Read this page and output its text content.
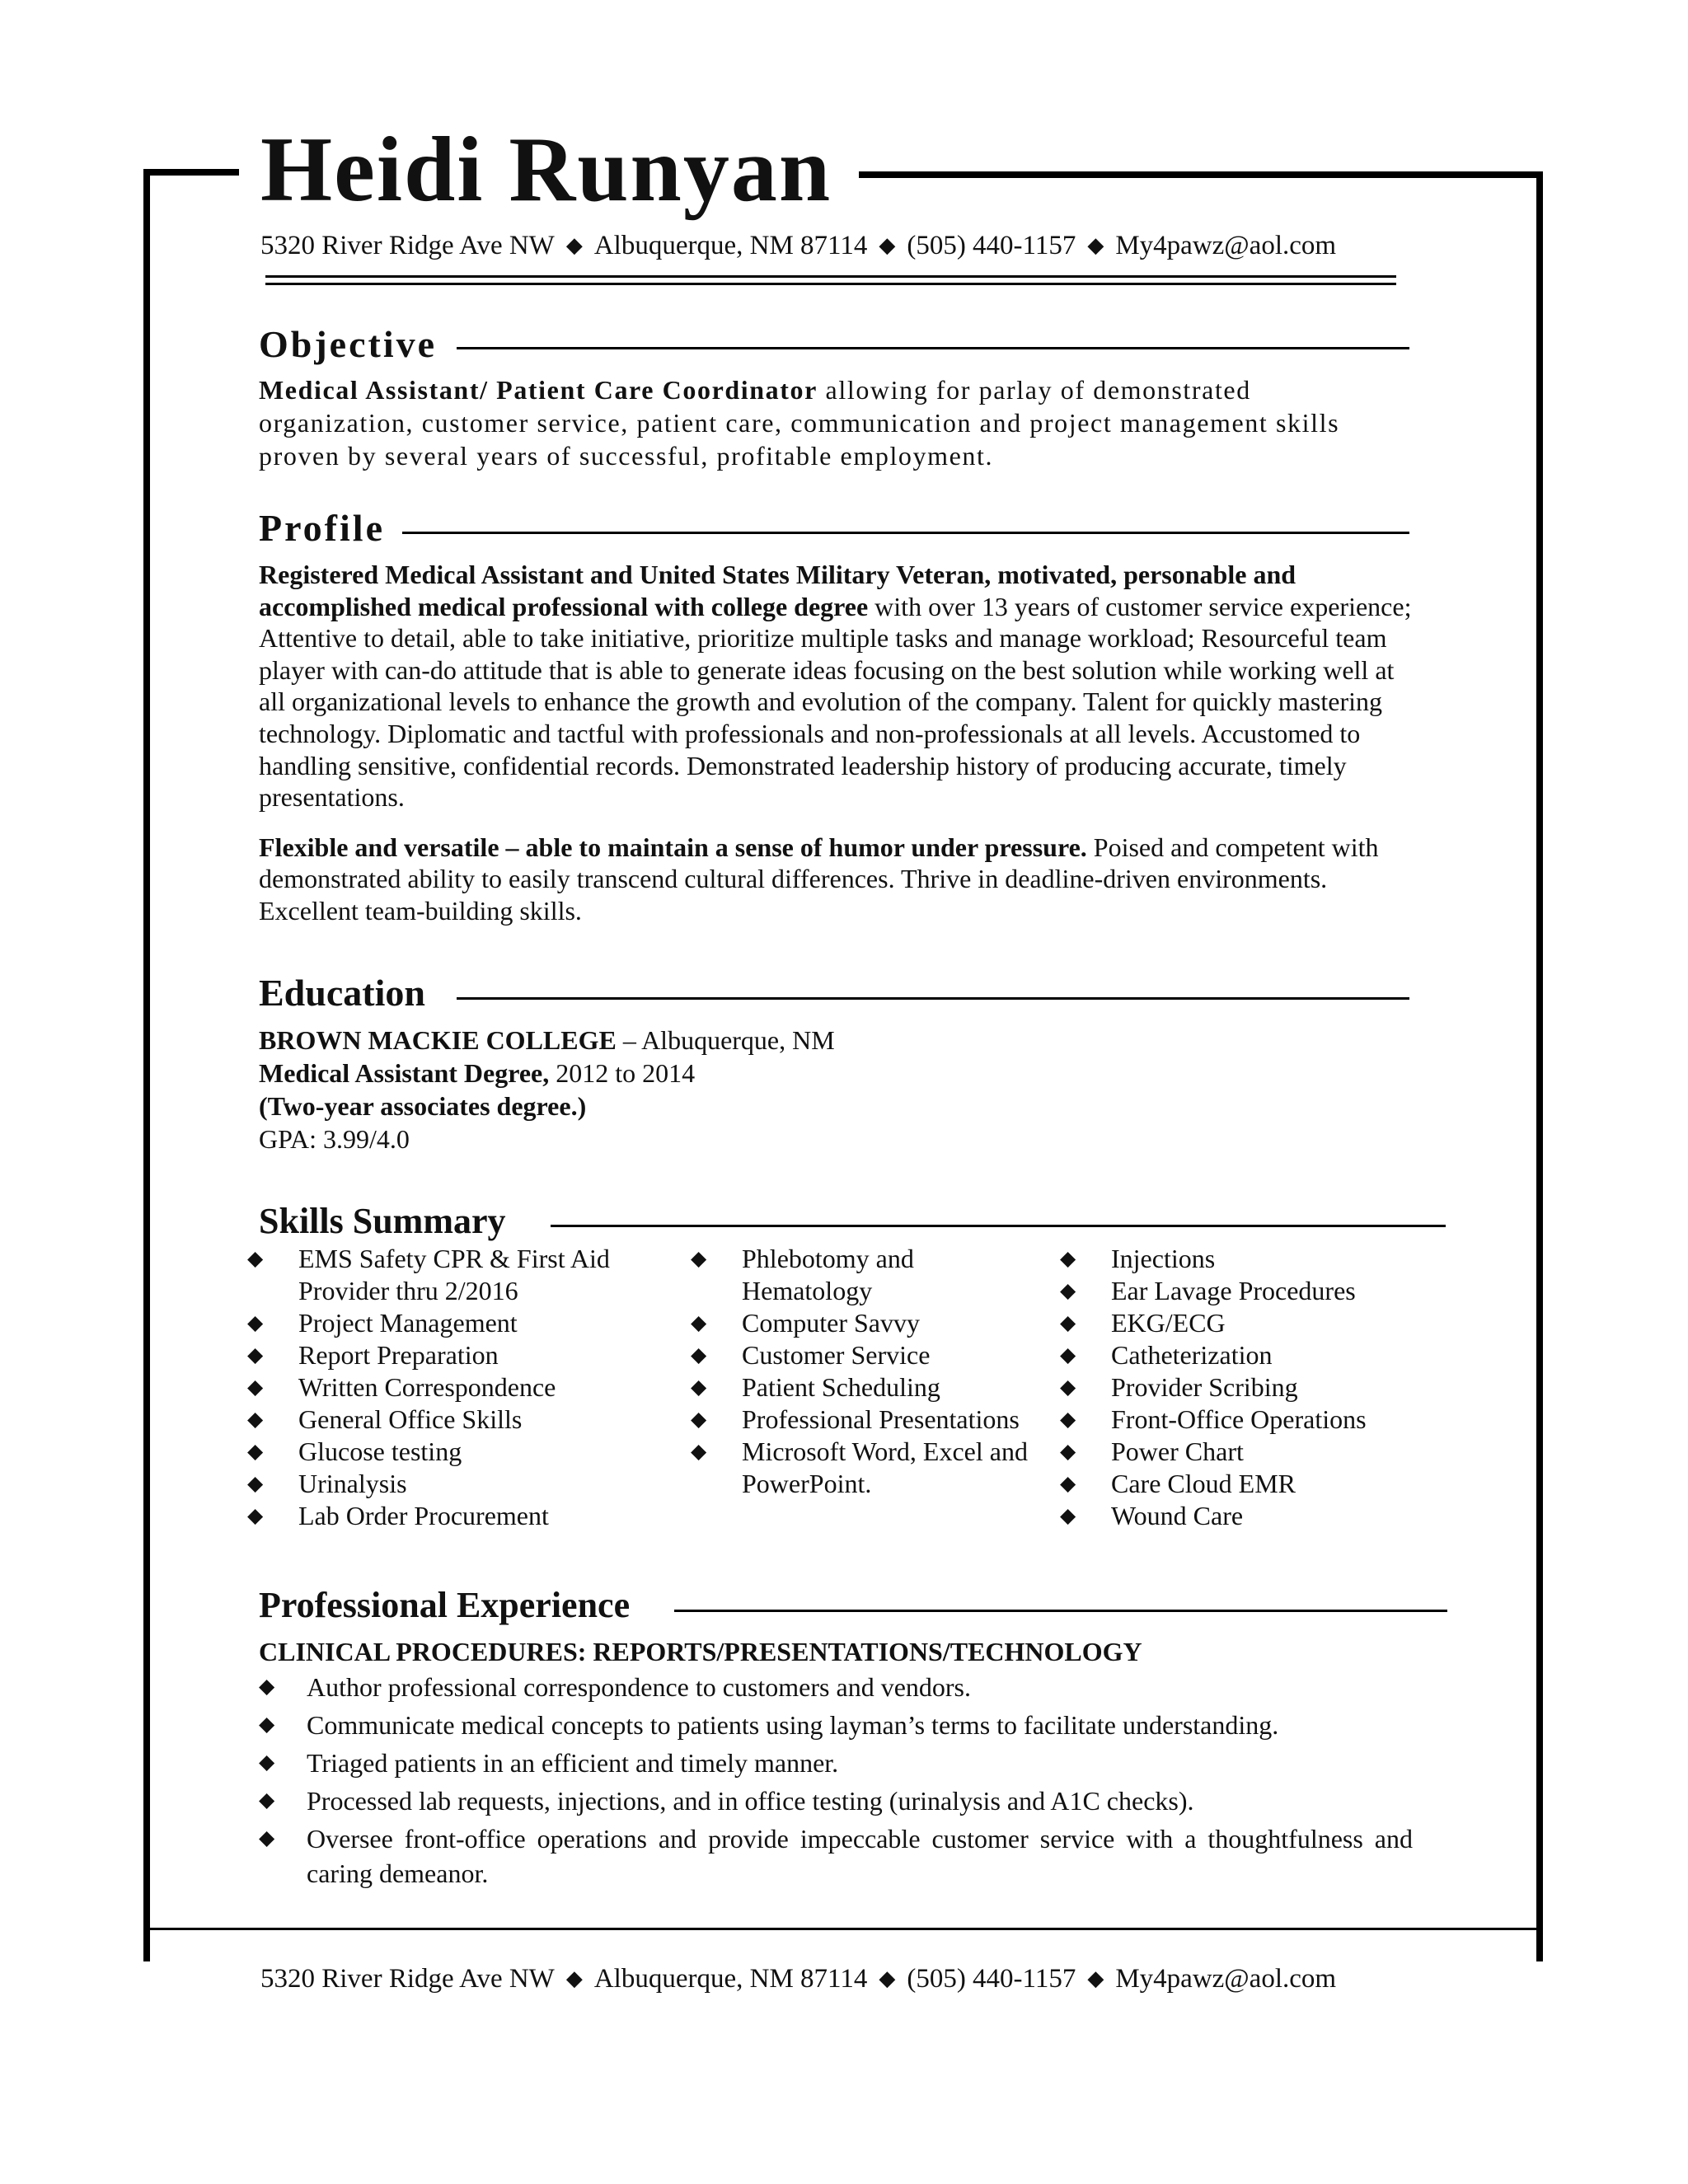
Heidi Runyan
5320 River Ridge Ave NW ◆ Albuquerque, NM 87114 ◆ (505) 440-1157 ◆ My4pawz@aol.com
Objective

Medical Assistant/ Patient Care Coordinator allowing for parlay of demonstrated

organization, customer service, patient care, communication and project management skills

proven by several years of successful, profitable employment.

Profile

Registered Medical Assistant and United States Military Veteran, motivated, personable and accomplished medical professional with college degree with over 13 years of customer service experience; Attentive to detail, able to take initiative, prioritize multiple tasks and manage workload; Resourceful team player with can-do attitude that is able to generate ideas focusing on the best solution while working well at all organizational levels to enhance the growth and evolution of the company. Talent for quickly mastering technology. Diplomatic and tactful with professionals and non-professionals at all levels. Accustomed to handling sensitive, confidential records. Demonstrated leadership history of producing accurate, timely presentations.

Flexible and versatile – able to maintain a sense of humor under pressure. Poised and competent with demonstrated ability to easily transcend cultural differences. Thrive in deadline-driven environments. Excellent team-building skills.

Education

BROWN MACKIE COLLEGE – Albuquerque, NM

Medical Assistant Degree, 2012 to 2014

(Two-year associates degree.)

GPA: 3.99/4.0

Skills Summary
◆ EMS Safety CPR & First Aid Provider thru 2/2016
◆ Project Management
◆ Report Preparation
◆ Written Correspondence
◆ General Office Skills
◆ Glucose testing
◆ Urinalysis
◆ Lab Order Procurement
◆ Phlebotomy and Hematology
◆ Computer Savvy
◆ Customer Service
◆ Patient Scheduling
◆ Professional Presentations
◆ Microsoft Word, Excel and PowerPoint.
◆ Injections
◆ Ear Lavage Procedures
◆ EKG/ECG
◆ Catheterization
◆ Provider Scribing
◆ Front-Office Operations
◆ Power Chart
◆ Care Cloud EMR
◆ Wound Care
Professional Experience
CLINICAL PROCEDURES: REPORTS/PRESENTATIONS/TECHNOLOGY
◆ Author professional correspondence to customers and vendors.
◆ Communicate medical concepts to patients using layman’s terms to facilitate understanding.
◆ Triaged patients in an efficient and timely manner.
◆ Processed lab requests, injections, and in office testing (urinalysis and A1C checks).
◆ Oversee front-office operations and provide impeccable customer service with a thoughtfulness and caring demeanor.
5320 River Ridge Ave NW ◆ Albuquerque, NM 87114 ◆ (505) 440-1157 ◆ My4pawz@aol.com
